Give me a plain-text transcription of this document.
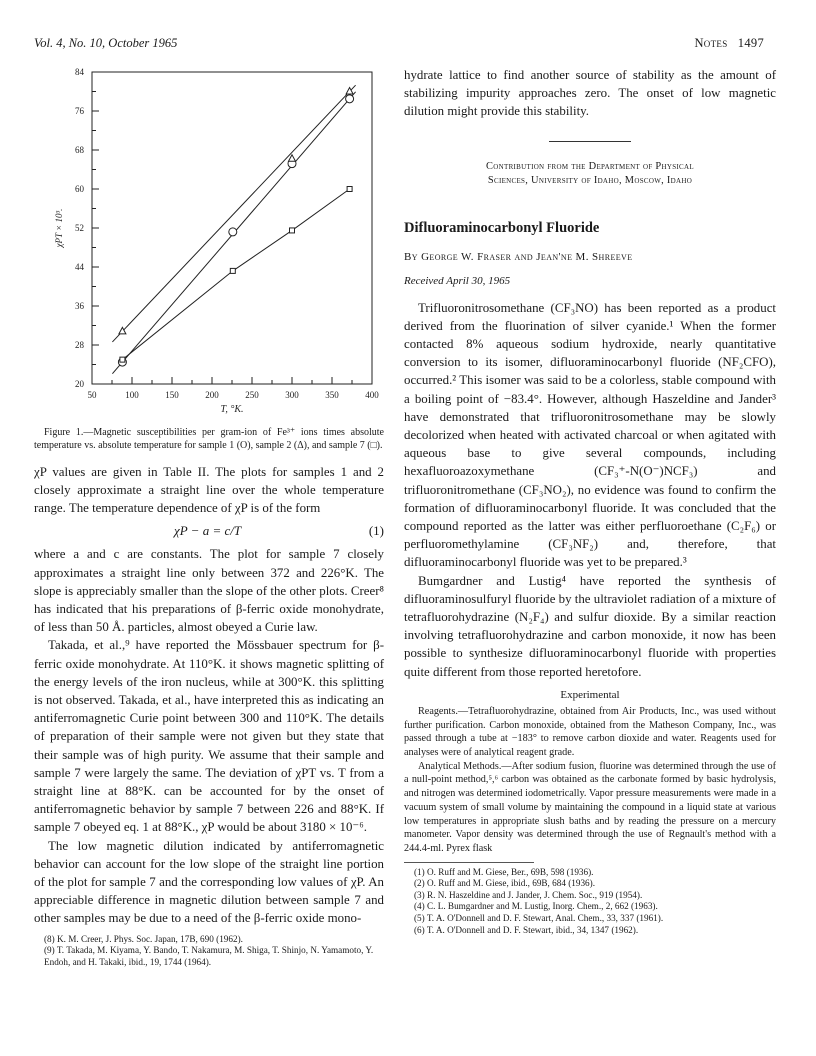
Vol. 4, No. 10, October 1965	Notes 1497
84
76
68
60
52
44
36
28
20
50	100	150	200	250	300	350	400
T, °K.
χPT × 10³.
Figure 1.—Magnetic susceptibilities per gram-ion of Fe³⁺ ions times absolute temperature vs. absolute temperature for sample 1 (O), sample 2 (Δ), and sample 7 (□).

χP values are given in Table II. The plots for samples 1 and 2 closely approximate a straight line over the whole temperature range. The temperature dependence of χP is of the form

χP − a = c/T	(1)

where a and c are constants. The plot for sample 7 closely approximates a straight line only between 372 and 226°K. The slope is appreciably smaller than the slope of the other plots. Creer⁸ has indicated that his preparations of β-ferric oxide monohydrate, of less than 50 Å. particles, almost obeyed a Curie law.

Takada, et al.,⁹ have reported the Mössbauer spectrum for β-ferric oxide monohydrate. At 110°K. it shows magnetic splitting of the energy levels of the iron nucleus, while at 300°K. this splitting is not observed. Takada, et al., have interpreted this as indicating an antiferromagnetic Curie point between 300 and 110°K. The details of preparation of their sample were not given but they state that their sample was of high purity. We assume that their sample and sample 7 were largely the same. The deviation of χPT vs. T from a straight line at 88°K. can be accounted for by the onset of antiferromagnetic behavior by sample 7 between 226 and 88°K. If sample 7 obeyed eq. 1 at 88°K., χP would be about 3180 × 10⁻⁶.

The low magnetic dilution indicated by antiferromagnetic behavior can account for the low slope of the straight line portion of the plot for sample 7 and the corresponding low values of χP. An appreciable difference in magnetic dilution between sample 7 and other samples may be due to a need of the β-ferric oxide mono-

(8) K. M. Creer, J. Phys. Soc. Japan, 17B, 690 (1962).
(9) T. Takada, M. Kiyama, Y. Bando, T. Nakamura, M. Shiga, T. Shinjo, N. Yamamoto, Y. Endoh, and H. Takaki, ibid., 19, 1744 (1964).

hydrate lattice to find another source of stability as the amount of stabilizing impurity approaches zero. The onset of low magnetic dilution might provide this stability.

Contribution from the Department of Physical
Sciences, University of Idaho, Moscow, Idaho
Difluoraminocarbonyl Fluoride
By George W. Fraser and Jean'ne M. Shreeve
Received April 30, 1965

Trifluoronitrosomethane (CF₃NO) has been reported as a product derived from the fluorination of silver cyanide.¹ When the former contacted 8% aqueous sodium hydroxide, nearly quantitative conversion to its isomer, difluoraminocarbonyl fluoride (NF₂CFO), occurred.² This isomer was said to be a colorless, stable compound with a boiling point of −83.4°. However, although Haszeldine and Jander³ have demonstrated that trifluoronitrosomethane may be slowly decolorized when heated with activated charcoal or when agitated with aqueous base to give several compounds, including hexafluoroazoxymethane (CF₃⁺-N(O⁻)NCF₃) and trifluoronitromethane (CF₃NO₂), no evidence was found to confirm the formation of difluoraminocarbonyl fluoride. It was concluded that the compound reported as the latter was either perfluoroethane (C₂F₆) or perfluoromethylamine (CF₃NF₂) and, therefore, that difluoraminocarbonyl fluoride was yet to be prepared.³

Bumgardner and Lustig⁴ have reported the synthesis of difluoraminosulfuryl fluoride by the ultraviolet radiation of a mixture of tetrafluorohydrazine (N₂F₄) and sulfur dioxide. By a similar reaction involving tetrafluorohydrazine and carbon monoxide, it now has been possible to synthesize difluoraminocarbonyl fluoride with properties quite different from those reported heretofore.

Experimental

Reagents.—Tetrafluorohydrazine, obtained from Air Products, Inc., was used without further purification. Carbon monoxide, obtained from the Matheson Company, Inc., was passed through a tube at −183° to remove carbon dioxide and water. Reagents used for analyses were of analytical reagent grade.

Analytical Methods.—After sodium fusion, fluorine was determined through the use of a null-point method,⁵,⁶ carbon was obtained as the carbonate formed by basic hydrolysis, and nitrogen was determined iodometrically. Vapor pressure measurements were made in a vacuum system of small volume by maintaining the compound in a liquid state at various low temperatures in appropriate slush baths and by reading the pressure on a mercury manometer. Vapor density was determined through the use of Regnault's method with a 244.4-ml. Pyrex flask

(1) O. Ruff and M. Giese, Ber., 69B, 598 (1936).
(2) O. Ruff and M. Giese, ibid., 69B, 684 (1936).
(3) R. N. Haszeldine and J. Jander, J. Chem. Soc., 919 (1954).
(4) C. L. Bumgardner and M. Lustig, Inorg. Chem., 2, 662 (1963).
(5) T. A. O'Donnell and D. F. Stewart, Anal. Chem., 33, 337 (1961).
(6) T. A. O'Donnell and D. F. Stewart, ibid., 34, 1347 (1962).
